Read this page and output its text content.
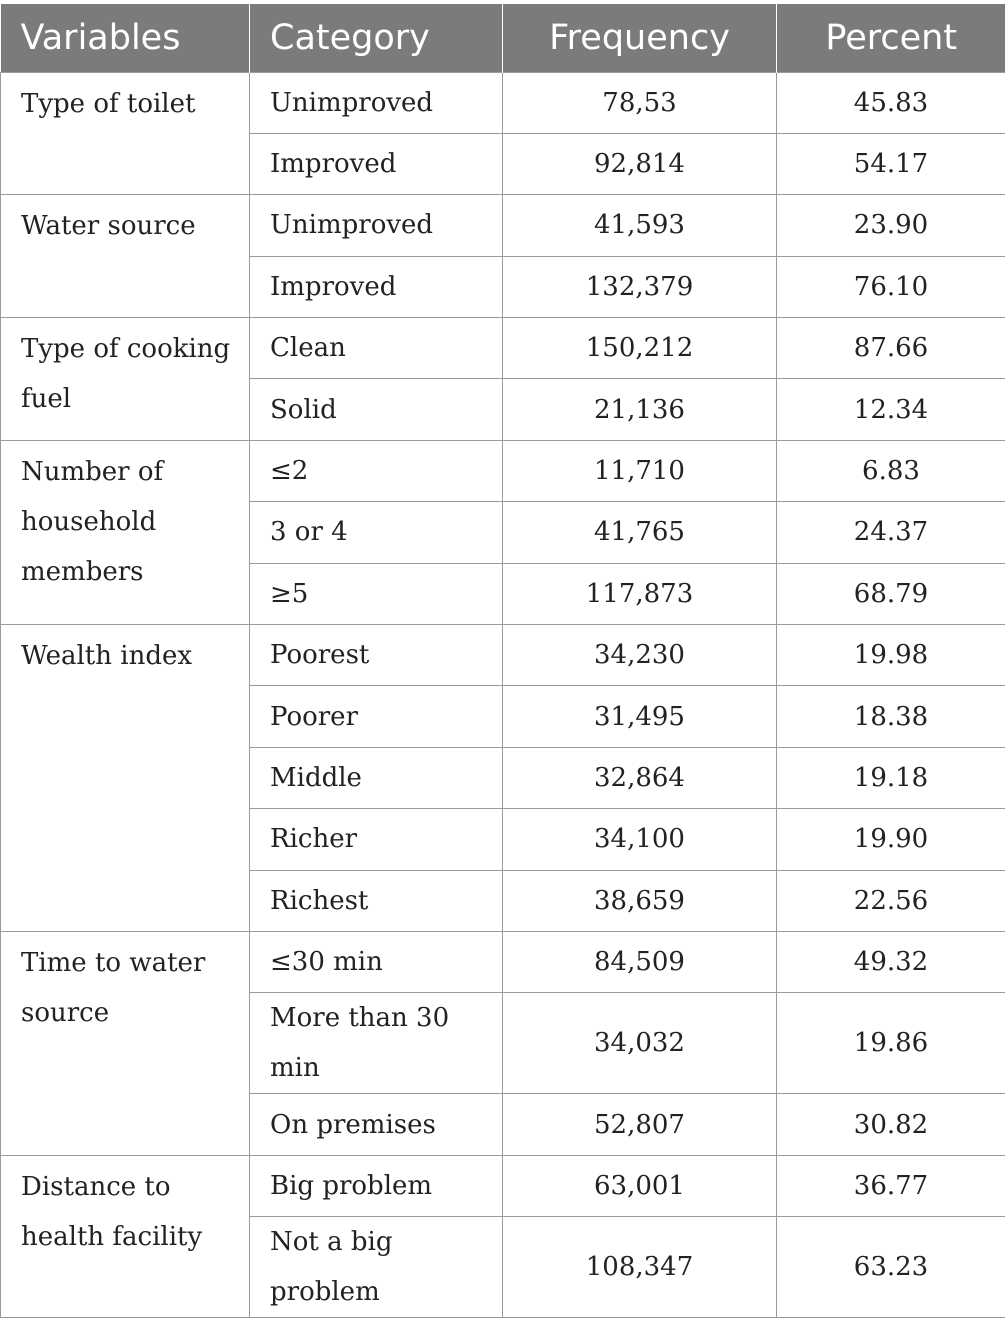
Variables	Category	Frequency	Percent
Type of toilet	Unimproved	78,53	45.83
	Improved	92,814	54.17
Water source	Unimproved	41,593	23.90
	Improved	132,379	76.10
Type of cooking fuel	Clean	150,212	87.66
	Solid	21,136	12.34
Number of household members	≤2	11,710	6.83
	3 or 4	41,765	24.37
	≥5	117,873	68.79
Wealth index	Poorest	34,230	19.98
	Poorer	31,495	18.38
	Middle	32,864	19.18
	Richer	34,100	19.90
	Richest	38,659	22.56
Time to water source	≤30 min	84,509	49.32
	More than 30 min	34,032	19.86
	On premises	52,807	30.82
Distance to health facility	Big problem	63,001	36.77
	Not a big problem	108,347	63.23
